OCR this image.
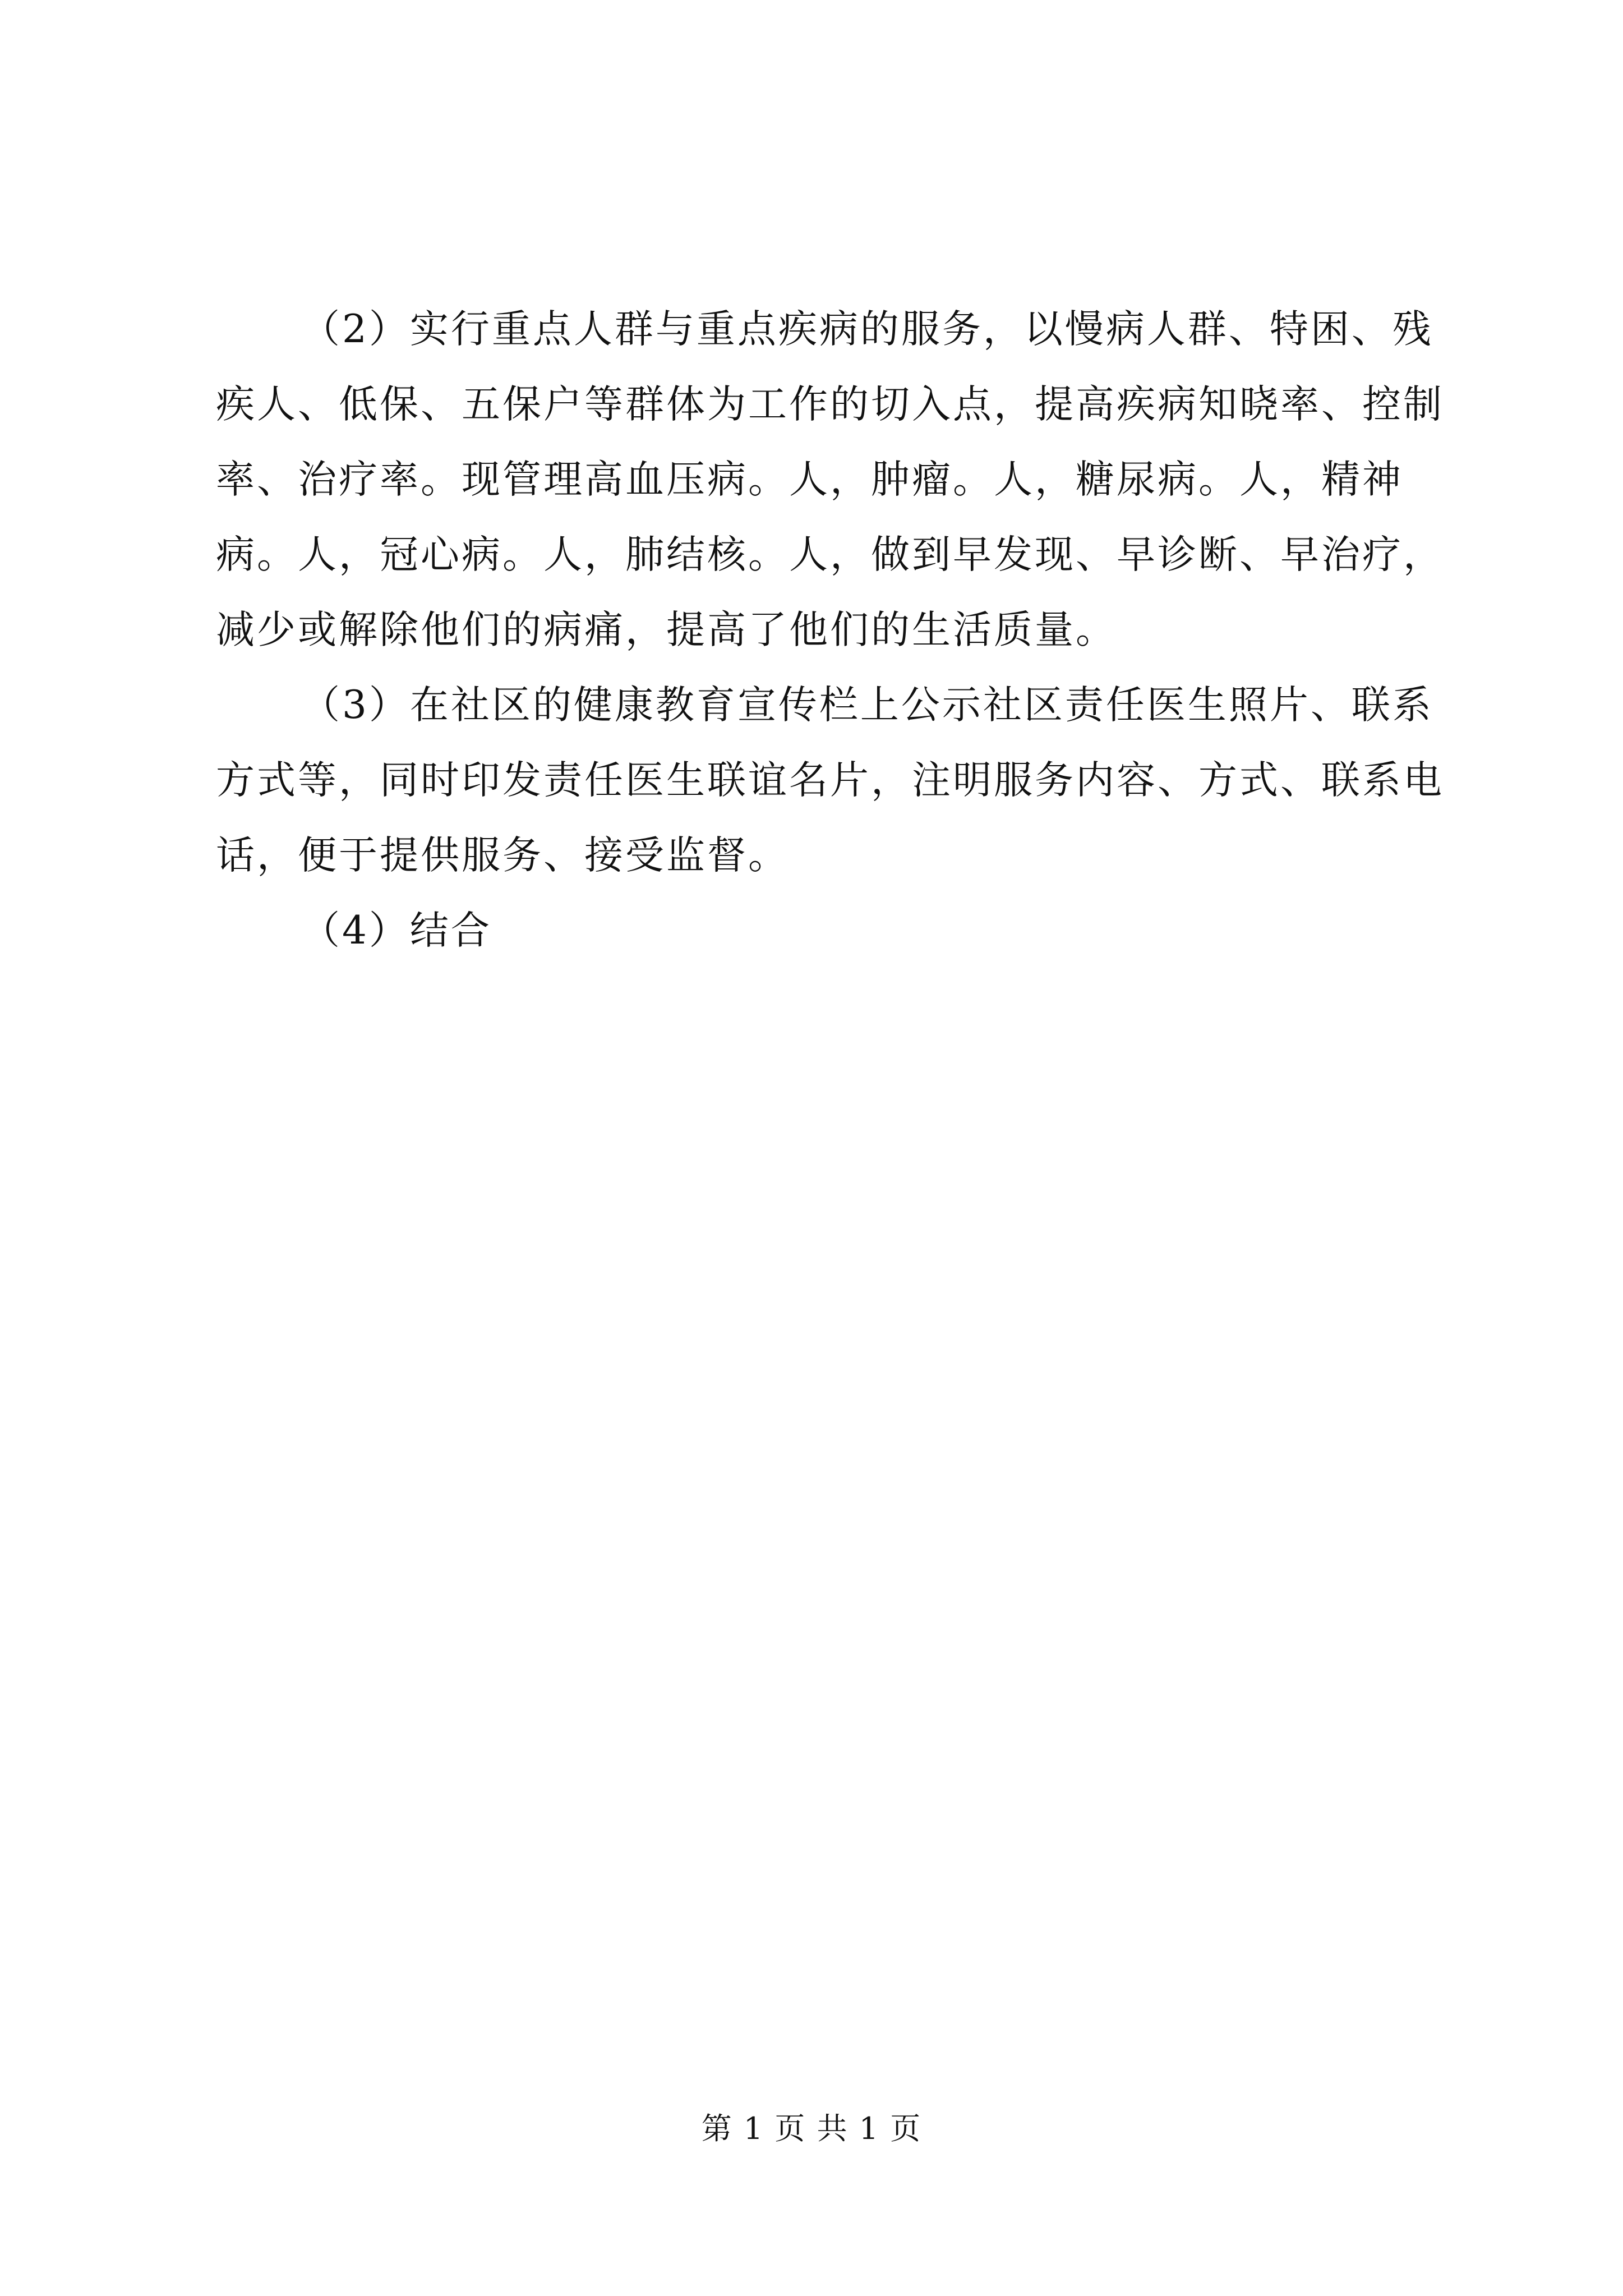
（2）实行重点人群与重点疾病的服务，以慢病人群、特困、残疾人、低保、五保户等群体为工作的切入点，提高疾病知晓率、控制率、治疗率。现管理高血压病。人，肿瘤。人，糖尿病。人，精神病。人，冠心病。人，肺结核。人，做到早发现、早诊断、早治疗，减少或解除他们的病痛，提高了他们的生活质量。

（3）在社区的健康教育宣传栏上公示社区责任医生照片、联系方式等，同时印发责任医生联谊名片，注明服务内容、方式、联系电话，便于提供服务、接受监督。

（4）结合

第 1 页 共 1 页
